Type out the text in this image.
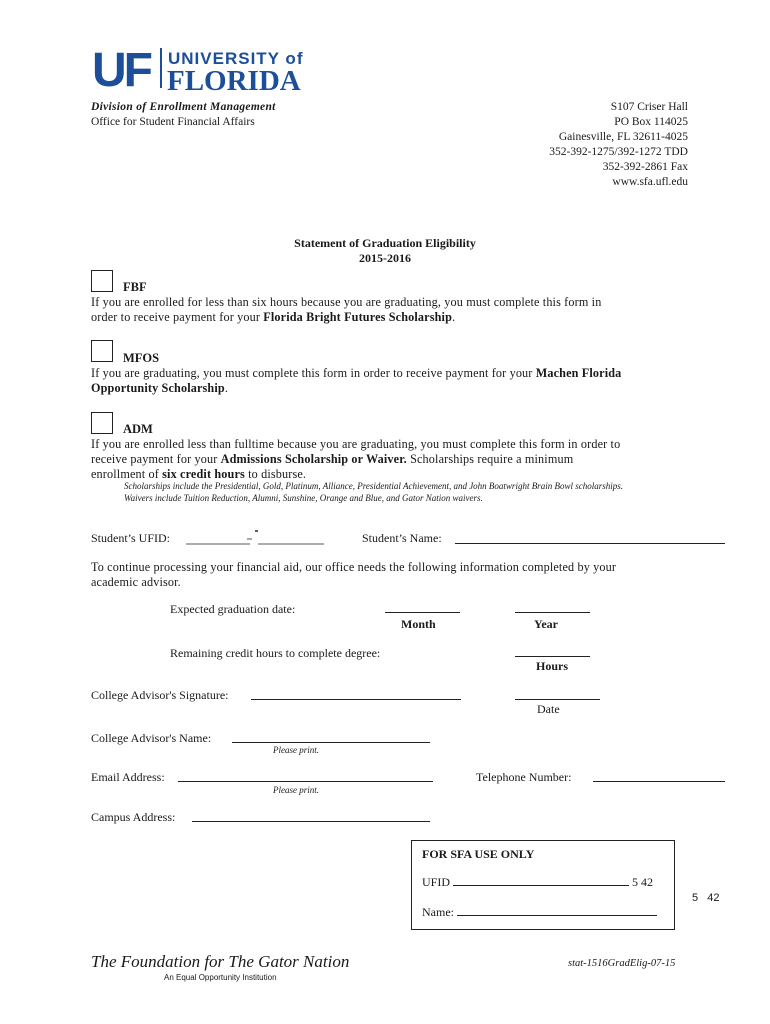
UF UNIVERSITY of
FLORIDA
Division of Enrollment Management
Office for Student Financial Affairs
S107 Criser Hall
PO Box 114025
Gainesville, FL 32611-4025
352-392-1275/392-1272 TDD
352-392-2861 Fax
www.sfa.ufl.edu
Statement of Graduation Eligibility
2015-2016
FBF
If you are enrolled for less than six hours because you are graduating, you must complete this form in
order to receive payment for your Florida Bright Futures Scholarship.
MFOS
If you are graduating, you must complete this form in order to receive payment for your Machen Florida
Opportunity Scholarship.
ADM
If you are enrolled less than fulltime because you are graduating, you must complete this form in order to
receive payment for your Admissions Scholarship or Waiver. Scholarships require a minimum
enrollment of six credit hours to disburse.
Scholarships include the Presidential, Gold, Platinum, Alliance, Presidential Achievement, and John Boatwright Brain Bowl scholarships.
Waivers include Tuition Reduction, Alumni, Sunshine, Orange and Blue, and Gator Nation waivers.
Student’s UFID:	Student’s Name:
To continue processing your financial aid, our office needs the following information completed by your
academic advisor.
Expected graduation date:
Month	Year
Remaining credit hours to complete degree:
Hours
College Advisor's Signature:
Date
College Advisor's Name:
Please print.
Email Address:
Please print.
Telephone Number:
Campus Address:
FOR SFA USE ONLY
UFID	5 42
Name:
5   42
The Foundation for The Gator Nation
An Equal Opportunity Institution
stat-1516GradElig-07-15
